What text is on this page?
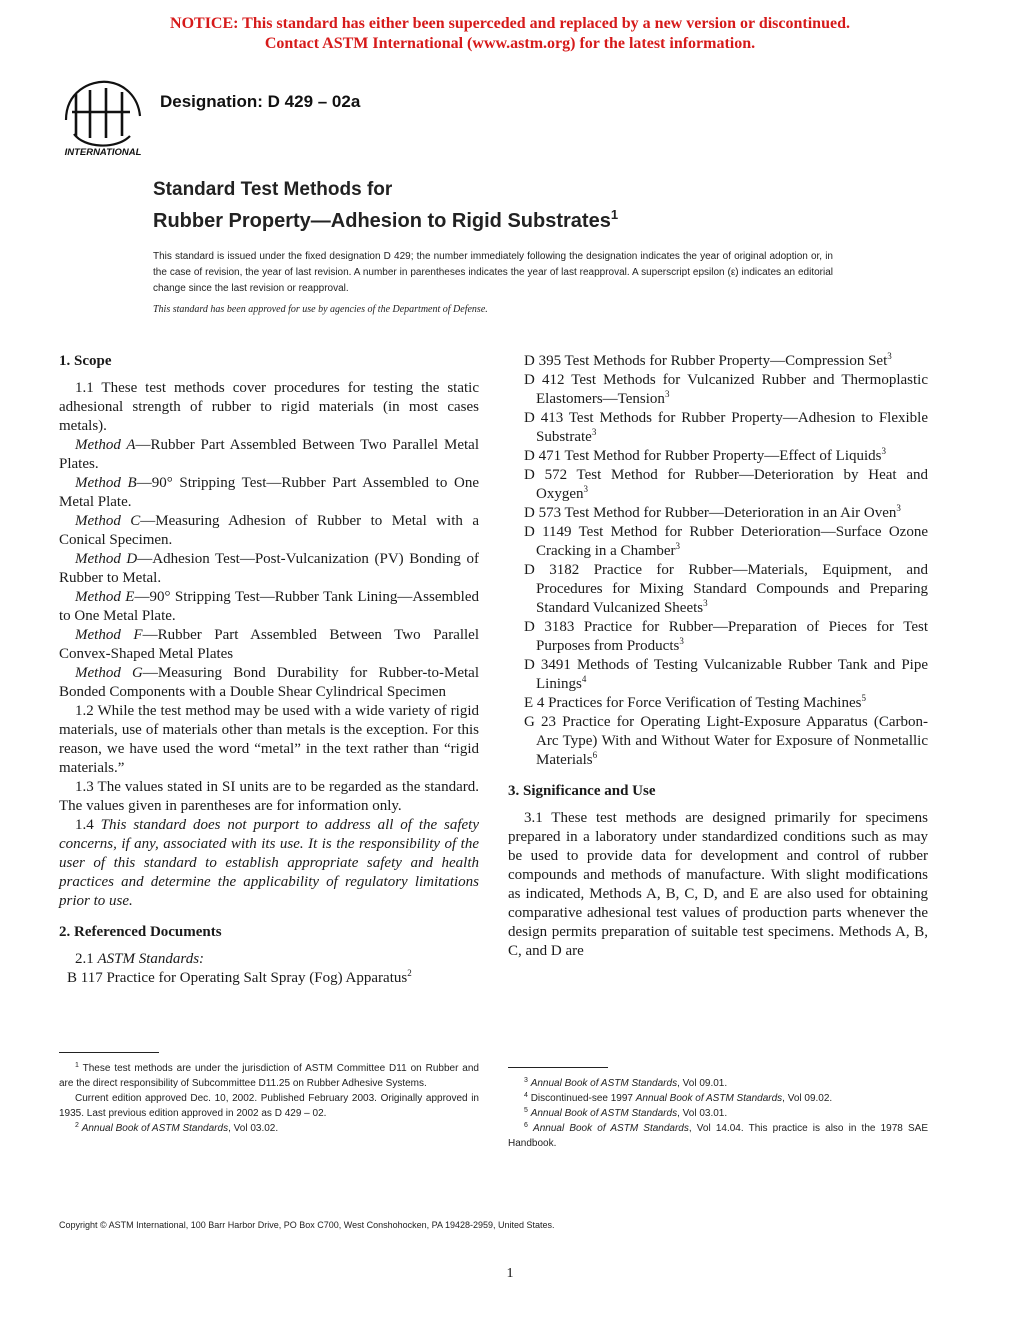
NOTICE: This standard has either been superceded and replaced by a new version or discontinued.
Contact ASTM International (www.astm.org) for the latest information.
INTERNATIONAL
Designation: D 429 – 02a
Standard Test Methods for
Rubber Property—Adhesion to Rigid Substrates$^1$
This standard is issued under the fixed designation D 429; the number immediately following the designation indicates the year of original adoption or, in the case of revision, the year of last revision. A number in parentheses indicates the year of last reapproval. A superscript epsilon (ε) indicates an editorial change since the last revision or reapproval.
This standard has been approved for use by agencies of the Department of Defense.
1. Scope

1.1 These test methods cover procedures for testing the static adhesional strength of rubber to rigid materials (in most cases metals).

Method A—Rubber Part Assembled Between Two Parallel Metal Plates.

Method B—90° Stripping Test—Rubber Part Assembled to One Metal Plate.

Method C—Measuring Adhesion of Rubber to Metal with a Conical Specimen.

Method D—Adhesion Test—Post-Vulcanization (PV) Bonding of Rubber to Metal.

Method E—90° Stripping Test—Rubber Tank Lining—Assembled to One Metal Plate.

Method F—Rubber Part Assembled Between Two Parallel Convex-Shaped Metal Plates

Method G—Measuring Bond Durability for Rubber-to-Metal Bonded Components with a Double Shear Cylindrical Specimen

1.2 While the test method may be used with a wide variety of rigid materials, use of materials other than metals is the exception. For this reason, we have used the word “metal” in the text rather than “rigid materials.”

1.3 The values stated in SI units are to be regarded as the standard. The values given in parentheses are for information only.

1.4 This standard does not purport to address all of the safety concerns, if any, associated with its use. It is the responsibility of the user of this standard to establish appropriate safety and health practices and determine the applicability of regulatory limitations prior to use.

2. Referenced Documents

2.1 ASTM Standards:

B 117 Practice for Operating Salt Spray (Fog) Apparatus$^2$

D 395 Test Methods for Rubber Property—Compression Set$^3$

D 412 Test Methods for Vulcanized Rubber and Thermoplastic Elastomers—Tension$^3$

D 413 Test Methods for Rubber Property—Adhesion to Flexible Substrate$^3$

D 471 Test Method for Rubber Property—Effect of Liquids$^3$

D 572 Test Method for Rubber—Deterioration by Heat and Oxygen$^3$

D 573 Test Method for Rubber—Deterioration in an Air Oven$^3$

D 1149 Test Method for Rubber Deterioration—Surface Ozone Cracking in a Chamber$^3$

D 3182 Practice for Rubber—Materials, Equipment, and Procedures for Mixing Standard Compounds and Preparing Standard Vulcanized Sheets$^3$

D 3183 Practice for Rubber—Preparation of Pieces for Test Purposes from Products$^3$

D 3491 Methods of Testing Vulcanizable Rubber Tank and Pipe Linings$^4$

E 4 Practices for Force Verification of Testing Machines$^5$

G 23 Practice for Operating Light-Exposure Apparatus (Carbon-Arc Type) With and Without Water for Exposure of Nonmetallic Materials$^6$

3. Significance and Use

3.1 These test methods are designed primarily for specimens prepared in a laboratory under standardized conditions such as may be used to provide data for development and control of rubber compounds and methods of manufacture. With slight modifications as indicated, Methods A, B, C, D, and E are also used for obtaining comparative adhesional test values of production parts whenever the design permits preparation of suitable test specimens. Methods A, B, C, and D are

$^1$ These test methods are under the jurisdiction of ASTM Committee D11 on Rubber and are the direct responsibility of Subcommittee D11.25 on Rubber Adhesive Systems.

Current edition approved Dec. 10, 2002. Published February 2003. Originally approved in 1935. Last previous edition approved in 2002 as D 429 – 02.

$^2$ Annual Book of ASTM Standards, Vol 03.02.

$^3$ Annual Book of ASTM Standards, Vol 09.01.

$^4$ Discontinued-see 1997 Annual Book of ASTM Standards, Vol 09.02.

$^5$ Annual Book of ASTM Standards, Vol 03.01.

$^6$ Annual Book of ASTM Standards, Vol 14.04. This practice is also in the 1978 SAE Handbook.

Copyright © ASTM International, 100 Barr Harbor Drive, PO Box C700, West Conshohocken, PA 19428-2959, United States.
1
